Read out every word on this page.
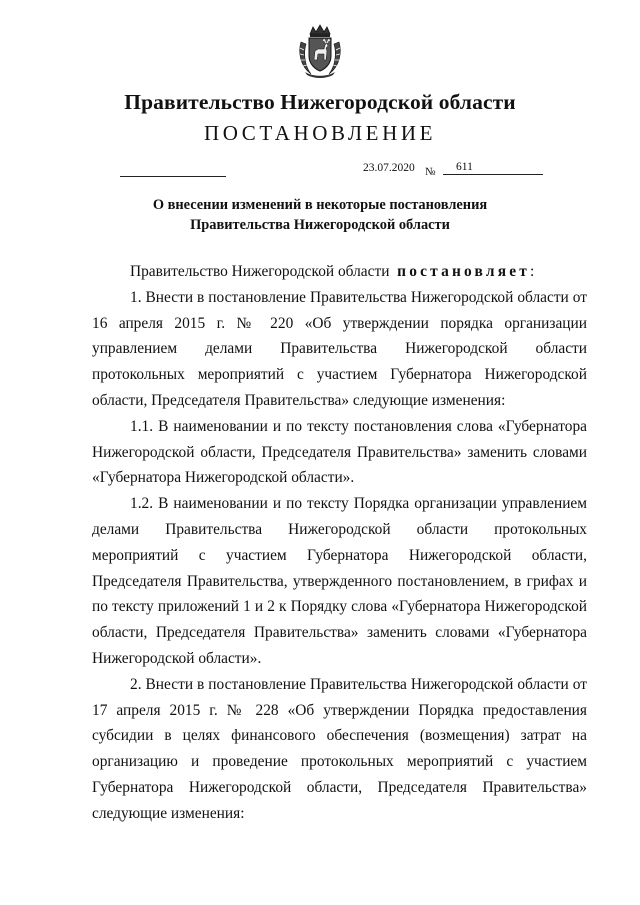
Правительство Нижегородской области
ПОСТАНОВЛЕНИЕ
23.07.2020 №	611
О внесении изменений в некоторые постановления
Правительства Нижегородской области

Правительство Нижегородской области постановляет:

1. Внести в постановление Правительства Нижегородской области от 16 апреля 2015 г. № 220 «Об утверждении порядка организации управлением делами Правительства Нижегородской области протокольных мероприятий с участием Губернатора Нижегородской области, Председателя Правительства» следующие изменения:

1.1. В наименовании и по тексту постановления слова «Губернатора Нижегородской области, Председателя Правительства» заменить словами «Губернатора Нижегородской области».

1.2. В наименовании и по тексту Порядка организации управлением делами Правительства Нижегородской области протокольных мероприятий с участием Губернатора Нижегородской области, Председателя Правительства, утвержденного постановлением, в грифах и по тексту приложений 1 и 2 к Порядку слова «Губернатора Нижегородской области, Председателя Правительства» заменить словами «Губернатора Нижегородской области».

2. Внести в постановление Правительства Нижегородской области от 17 апреля 2015 г. № 228 «Об утверждении Порядка предоставления субсидии в целях финансового обеспечения (возмещения) затрат на организацию и проведение протокольных мероприятий с участием Губернатора Нижегородской области, Председателя Правительства» следующие изменения:
